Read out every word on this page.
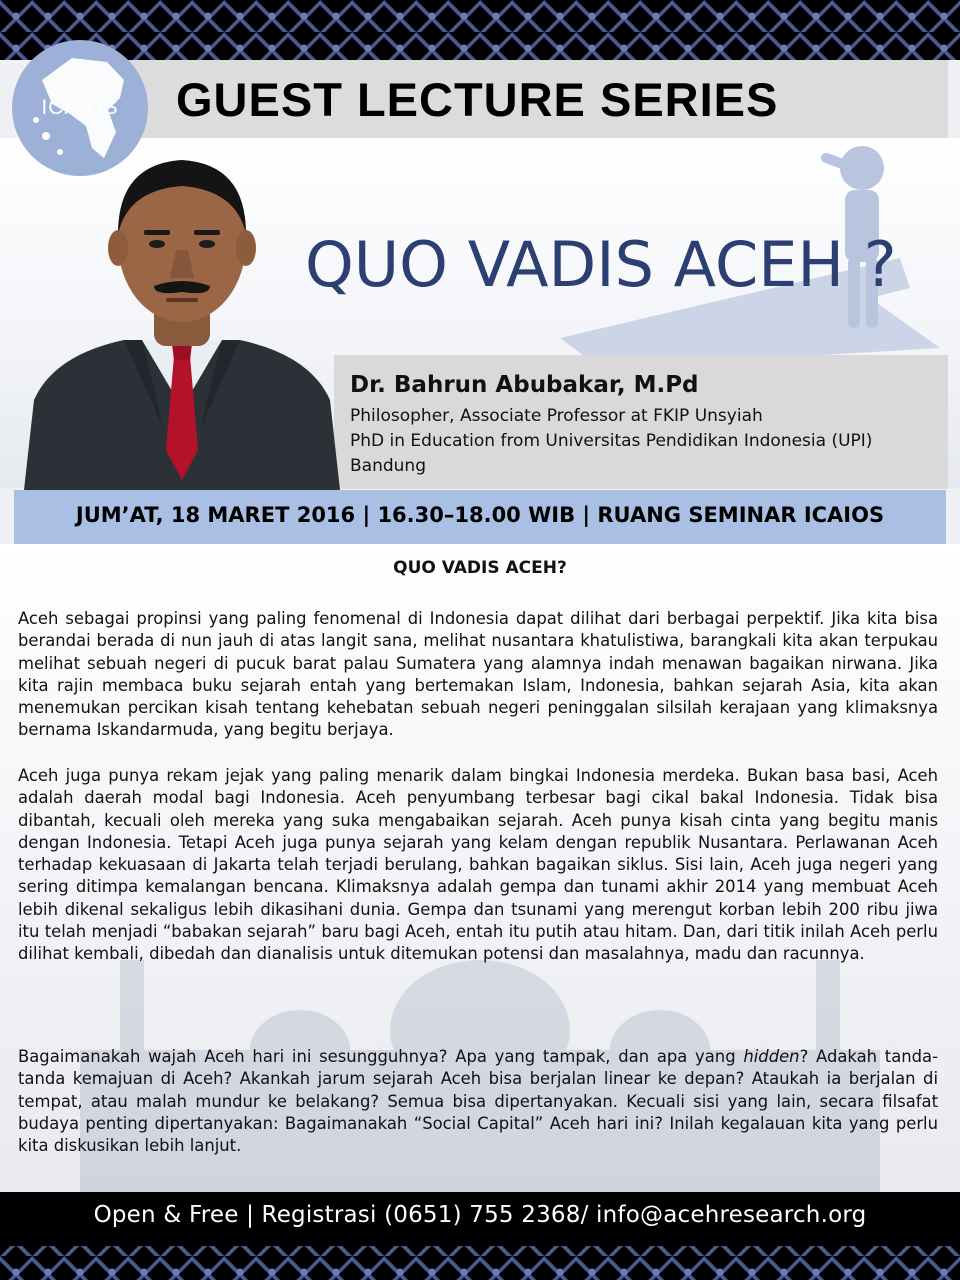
GUEST LECTURE SERIES
ICAIOS
QUO VADIS ACEH ?
Dr. Bahrun Abubakar, M.Pd
Philosopher, Associate Professor at FKIP Unsyiah
PhD in Education from Universitas Pendidikan Indonesia (UPI)
Bandung
JUM’AT, 18 MARET 2016 | 16.30–18.00 WIB | RUANG SEMINAR ICAIOS
QUO VADIS ACEH?

Aceh sebagai propinsi yang paling fenomenal di Indonesia dapat dilihat dari berbagai perpektif. Jika kita bisa berandai berada di nun jauh di atas langit sana, melihat nusantara khatulistiwa, barangkali kita akan terpukau melihat sebuah negeri di pucuk barat palau Sumatera yang alamnya indah menawan bagaikan nirwana. Jika kita rajin membaca buku sejarah entah yang bertemakan Islam, Indonesia, bahkan sejarah Asia, kita akan menemukan percikan kisah tentang kehebatan sebuah negeri peninggalan silsilah kerajaan yang klimaksnya bernama Iskandarmuda, yang begitu berjaya.

Aceh juga punya rekam jejak yang paling menarik dalam bingkai Indonesia merdeka. Bukan basa basi, Aceh adalah daerah modal bagi Indonesia. Aceh penyumbang terbesar bagi cikal bakal Indonesia. Tidak bisa dibantah, kecuali oleh mereka yang suka mengabaikan sejarah. Aceh punya kisah cinta yang begitu manis dengan Indonesia. Tetapi Aceh juga punya sejarah yang kelam dengan republik Nusantara. Perlawanan Aceh terhadap kekuasaan di Jakarta telah terjadi berulang, bahkan bagaikan siklus. Sisi lain, Aceh juga negeri yang sering ditimpa kemalangan bencana. Klimaksnya adalah gempa dan tunami akhir 2014 yang membuat Aceh lebih dikenal sekaligus lebih dikasihani dunia. Gempa dan tsunami yang merengut korban lebih 200 ribu jiwa itu telah menjadi “babakan sejarah” baru bagi Aceh, entah itu putih atau hitam. Dan, dari titik inilah Aceh perlu dilihat kembali, dibedah dan dianalisis untuk ditemukan potensi dan masalahnya, madu dan racunnya.

Bagaimanakah wajah Aceh hari ini sesungguhnya? Apa yang tampak, dan apa yang hidden? Adakah tanda-tanda kemajuan di Aceh? Akankah jarum sejarah Aceh bisa berjalan linear ke depan? Ataukah ia berjalan di tempat, atau malah mundur ke belakang? Semua bisa dipertanyakan. Kecuali sisi yang lain, secara filsafat budaya penting dipertanyakan: Bagaimanakah “Social Capital” Aceh hari ini? Inilah kegalauan kita yang perlu kita diskusikan lebih lanjut.

Open & Free | Registrasi (0651) 755 2368/ info@acehresearch.org
